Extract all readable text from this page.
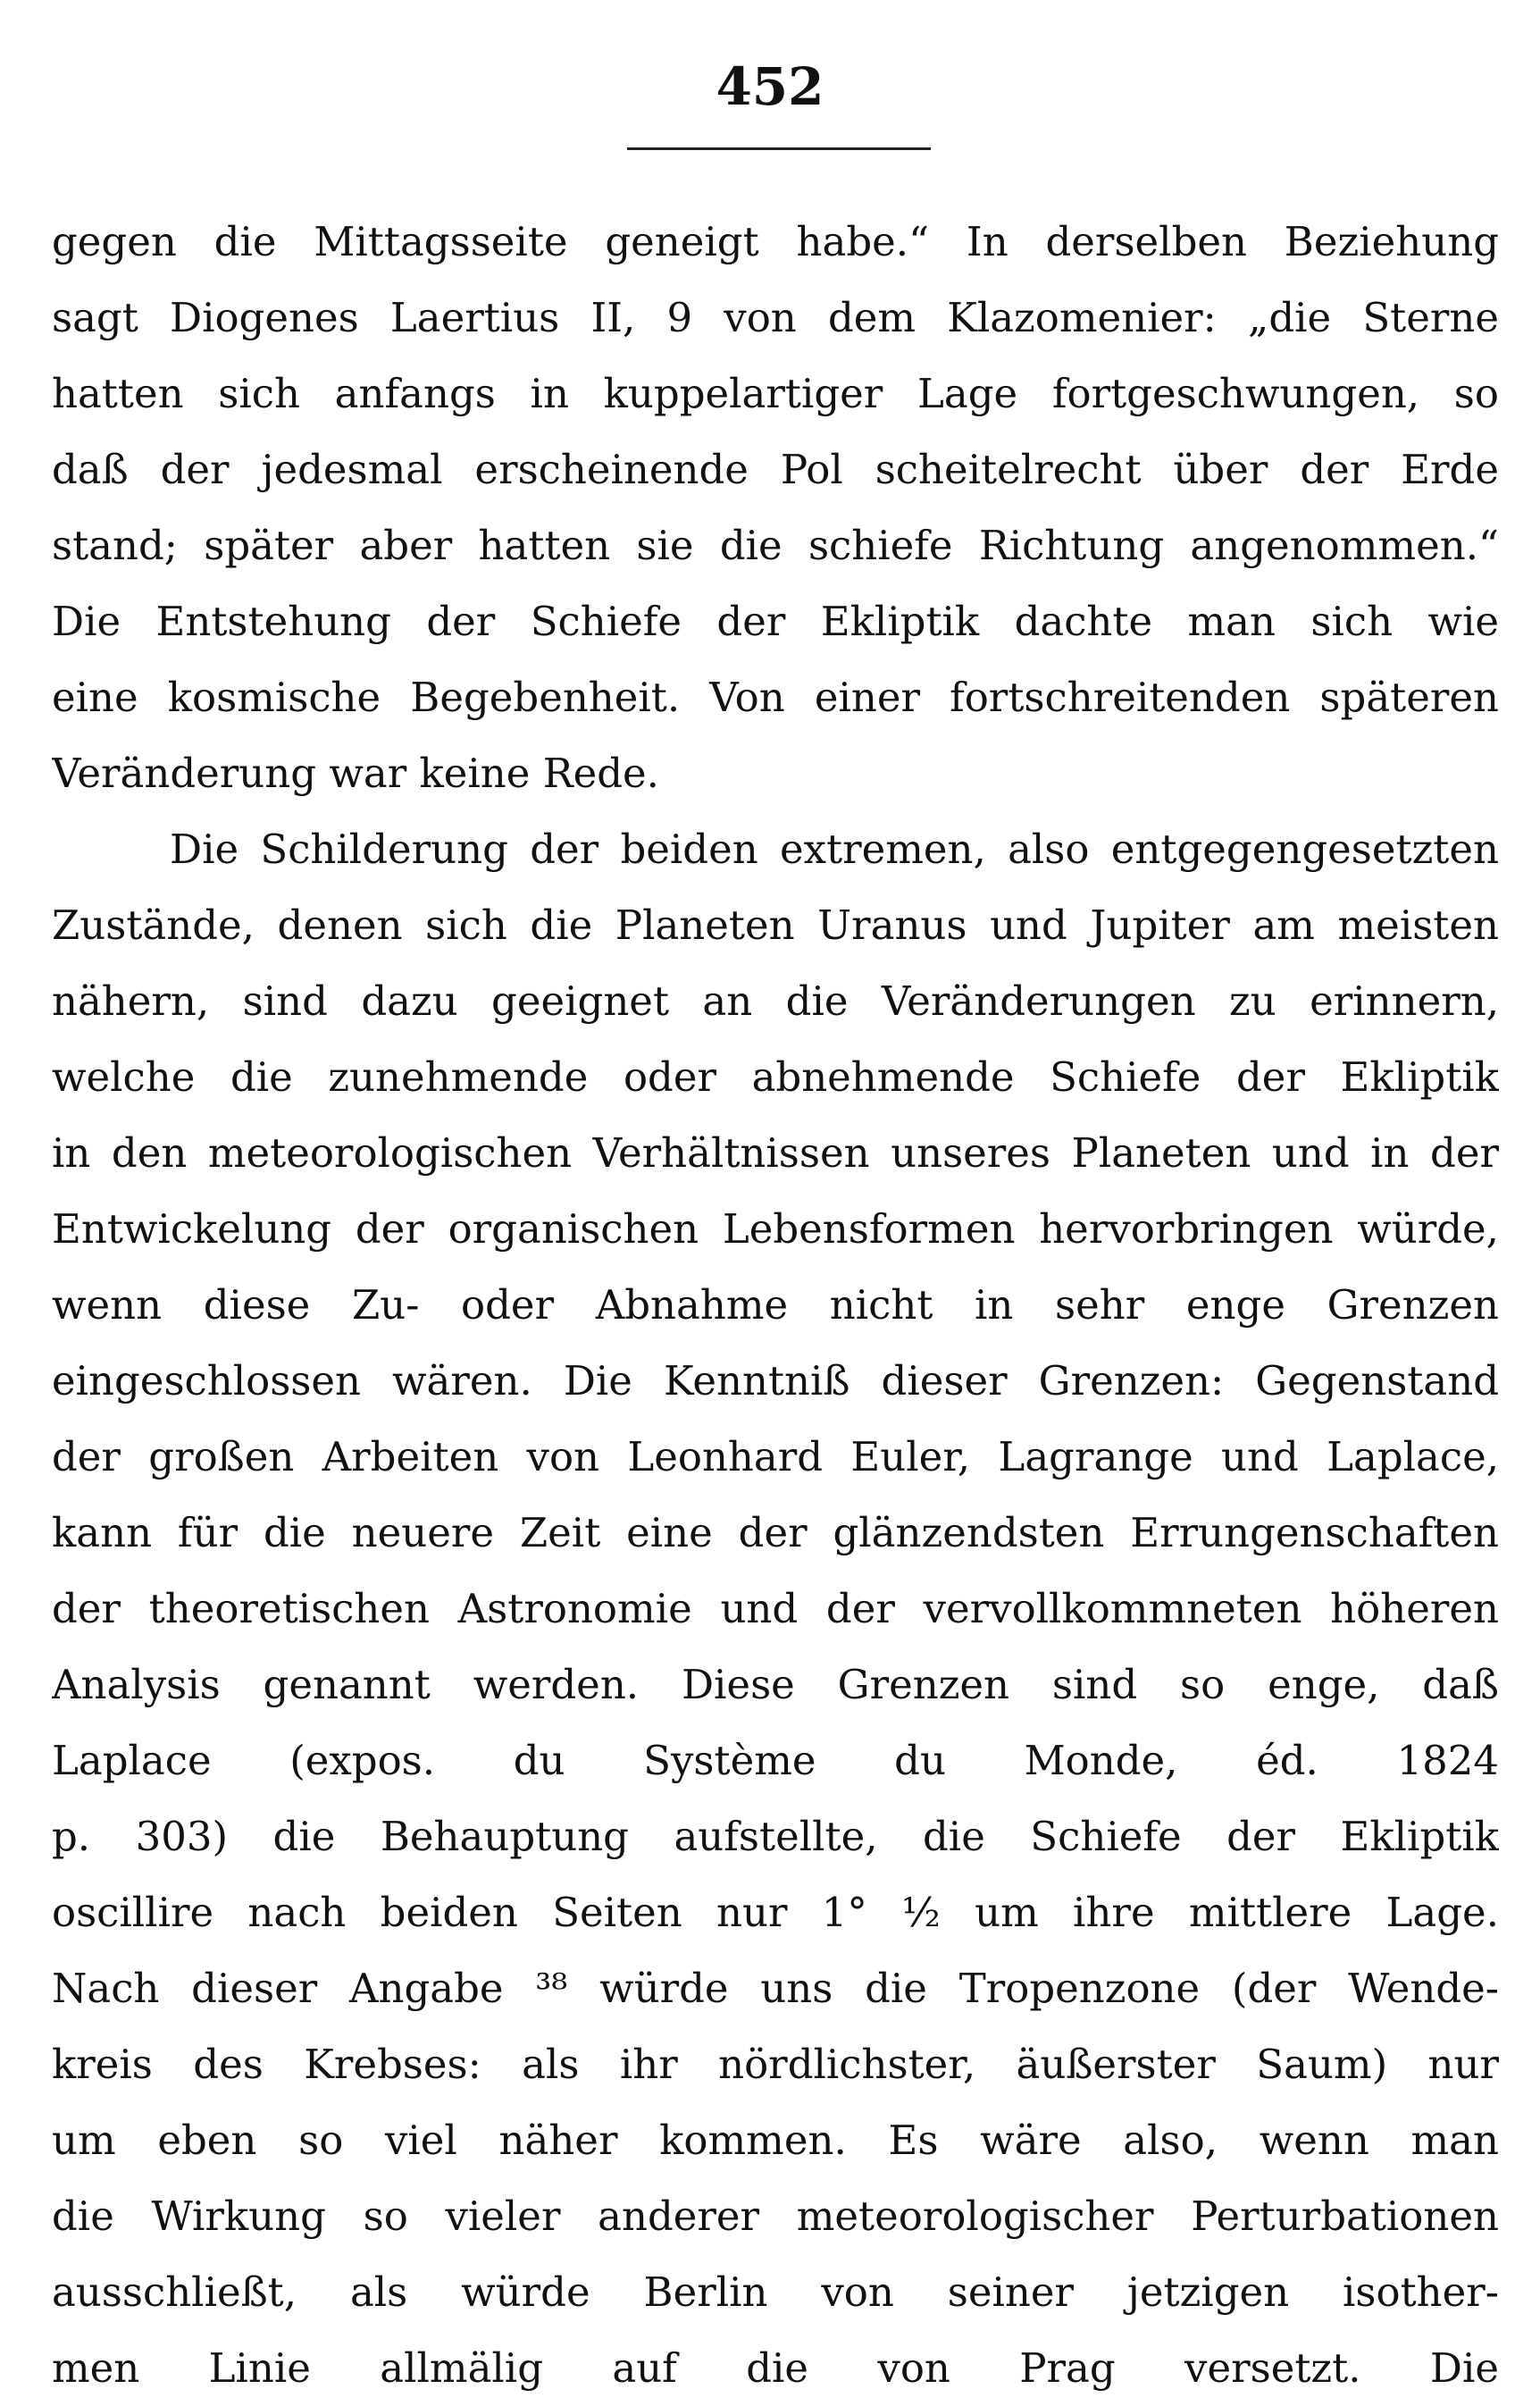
452
gegen die Mittagsseite geneigt habe.“ In derselben Beziehung
sagt Diogenes Laertius II, 9 von dem Klazomenier: „die Sterne
hatten sich anfangs in kuppelartiger Lage fortgeschwungen, so
daß der jedesmal erscheinende Pol scheitelrecht über der Erde
stand; später aber hatten sie die schiefe Richtung angenommen.“
Die Entstehung der Schiefe der Ekliptik dachte man sich wie
eine kosmische Begebenheit. Von einer fortschreitenden späteren
Veränderung war keine Rede.
Die Schilderung der beiden extremen, also entgegengesetzten
Zustände, denen sich die Planeten Uranus und Jupiter am meisten
nähern, sind dazu geeignet an die Veränderungen zu erinnern,
welche die zunehmende oder abnehmende Schiefe der Ekliptik
in den meteorologischen Verhältnissen unseres Planeten und in der
Entwickelung der organischen Lebensformen hervorbringen würde,
wenn diese Zu- oder Abnahme nicht in sehr enge Grenzen
eingeschlossen wären. Die Kenntniß dieser Grenzen: Gegenstand
der großen Arbeiten von Leonhard Euler, Lagrange und Laplace,
kann für die neuere Zeit eine der glänzendsten Errungenschaften
der theoretischen Astronomie und der vervollkommneten höheren
Analysis genannt werden. Diese Grenzen sind so enge, daß
Laplace (expos. du Système du Monde, éd. 1824
p. 303) die Behauptung aufstellte, die Schiefe der Ekliptik
oscillire nach beiden Seiten nur 1° ½ um ihre mittlere Lage.
Nach dieser Angabe ³⁸ würde uns die Tropenzone (der Wende-
kreis des Krebses: als ihr nördlichster, äußerster Saum) nur
um eben so viel näher kommen. Es wäre also, wenn man
die Wirkung so vieler anderer meteorologischer Perturbationen
ausschließt, als würde Berlin von seiner jetzigen isother-
men Linie allmälig auf die von Prag versetzt. Die
